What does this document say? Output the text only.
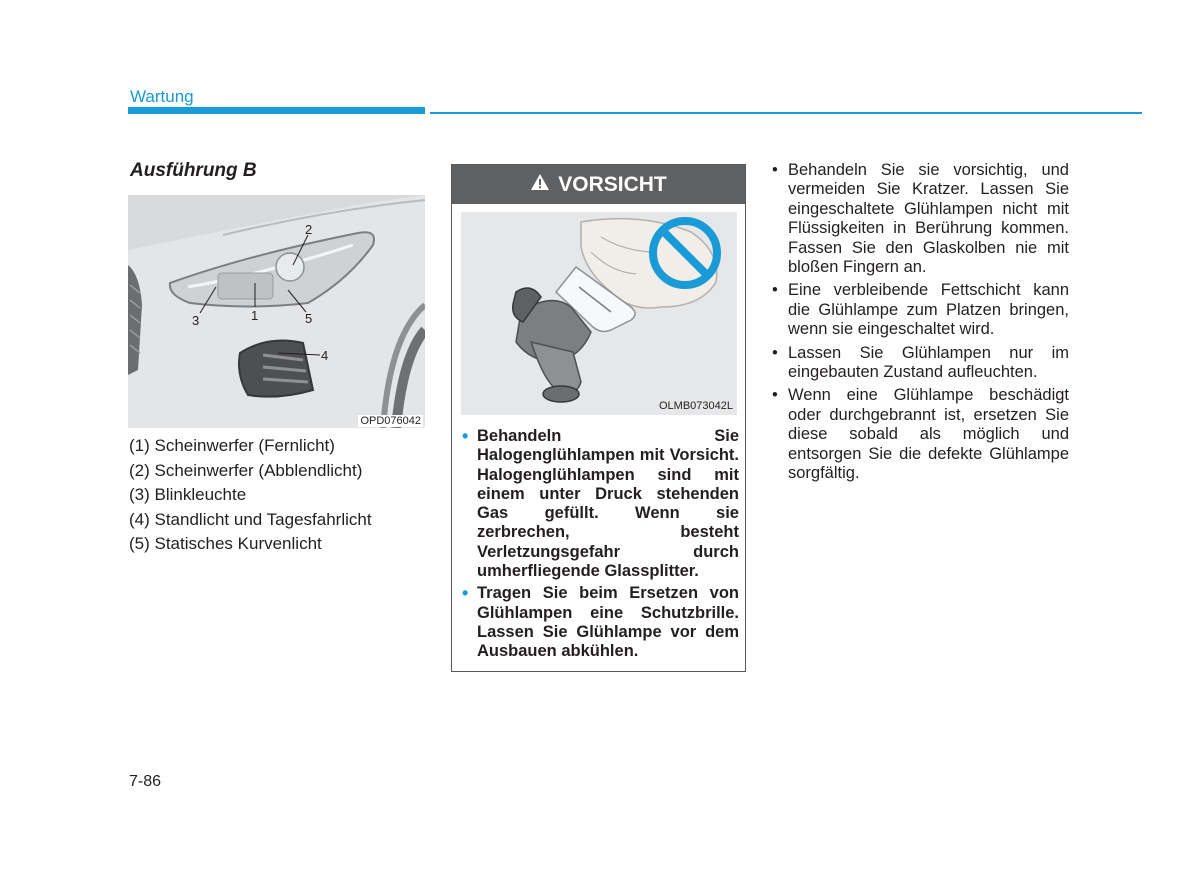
Wartung
Ausführung B
2
3	1	5
4
OPD076042
(1) Scheinwerfer (Fernlicht)
(2) Scheinwerfer (Abblendlicht)
(3) Blinkleuchte
(4) Standlicht und Tagesfahrlicht
(5) Statisches Kurvenlicht
VORSICHT
OLMB073042L
• Behandeln Sie Halogenglühlampen mit Vorsicht. Halogenglühlampen sind mit einem unter Druck stehenden Gas gefüllt. Wenn sie zerbrechen, besteht Verletzungsgefahr durch umherfliegende Glassplitter.
• Tragen Sie beim Ersetzen von Glühlampen eine Schutzbrille. Lassen Sie Glühlampe vor dem Ausbauen abkühlen.
• Behandeln Sie sie vorsichtig, und vermeiden Sie Kratzer. Lassen Sie eingeschaltete Glühlampen nicht mit Flüssigkeiten in Berührung kommen. Fassen Sie den Glaskolben nie mit bloßen Fingern an.
• Eine verbleibende Fettschicht kann die Glühlampe zum Platzen bringen, wenn sie eingeschaltet wird.
• Lassen Sie Glühlampen nur im eingebauten Zustand aufleuchten.
• Wenn eine Glühlampe beschädigt oder durchgebrannt ist, ersetzen Sie diese sobald als möglich und entsorgen Sie die defekte Glühlampe sorgfältig.
7-86
